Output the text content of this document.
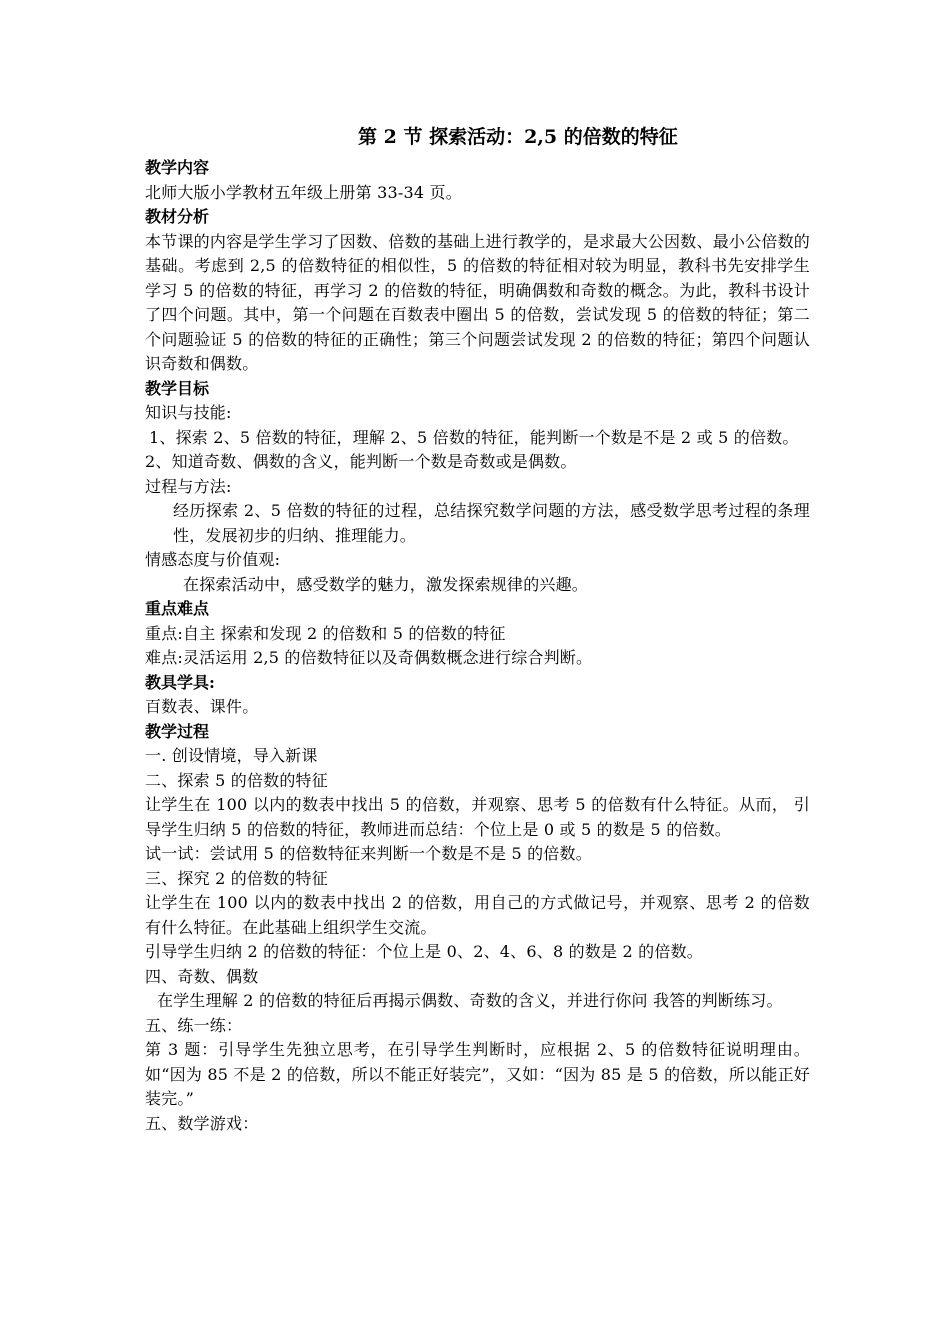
第 2 节 探索活动：2,5 的倍数的特征
教学内容
北师大版小学教材五年级上册第 33-34 页。
教材分析
本节课的内容是学生学习了因数、倍数的基础上进行教学的，是求最大公因数、最小公倍数的基础。考虑到 2,5 的倍数特征的相似性，5 的倍数的特征相对较为明显，教科书先安排学生学习 5 的倍数的特征，再学习 2 的倍数的特征，明确偶数和奇数的概念。为此，教科书设计了四个问题。其中，第一个问题在百数表中圈出 5 的倍数，尝试发现 5 的倍数的特征；第二个问题验证 5 的倍数的特征的正确性；第三个问题尝试发现 2 的倍数的特征；第四个问题认识奇数和偶数。
教学目标
知识与技能:
1、探索 2、5 倍数的特征，理解 2、5 倍数的特征，能判断一个数是不是 2 或 5 的倍数。
2、知道奇数、偶数的含义，能判断一个数是奇数或是偶数。
过程与方法:
经历探索 2、5 倍数的特征的过程，总结探究数学问题的方法，感受数学思考过程的条理性，发展初步的归纳、推理能力。
情感态度与价值观:
在探索活动中，感受数学的魅力，激发探索规律的兴趣。
重点难点
重点:自主 探索和发现 2 的倍数和 5 的倍数的特征
难点:灵活运用 2,5 的倍数特征以及奇偶数概念进行综合判断。
教具学具:
百数表、课件。
教学过程
一. 创设情境，导入新课
二、探索 5 的倍数的特征
让学生在 100 以内的数表中找出 5 的倍数，并观察、思考 5 的倍数有什么特征。从而， 引导学生归纳 5 的倍数的特征，教师进而总结：个位上是 0 或 5 的数是 5 的倍数。
试一试：尝试用 5 的倍数特征来判断一个数是不是 5 的倍数。
三、探究 2 的倍数的特征
让学生在 100 以内的数表中找出 2 的倍数，用自己的方式做记号，并观察、思考 2 的倍数有什么特征。在此基础上组织学生交流。
引导学生归纳 2 的倍数的特征：个位上是 0、2、4、6、8 的数是 2 的倍数。
四、奇数、偶数
在学生理解 2 的倍数的特征后再揭示偶数、奇数的含义，并进行你问 我答的判断练习。
五、练一练：
第 3 题：引导学生先独立思考，在引导学生判断时，应根据 2、5 的倍数特征说明理由。如“因为 85 不是 2 的倍数，所以不能正好装完”，又如：“因为 85 是 5 的倍数，所以能正好装完。”
五、数学游戏：
